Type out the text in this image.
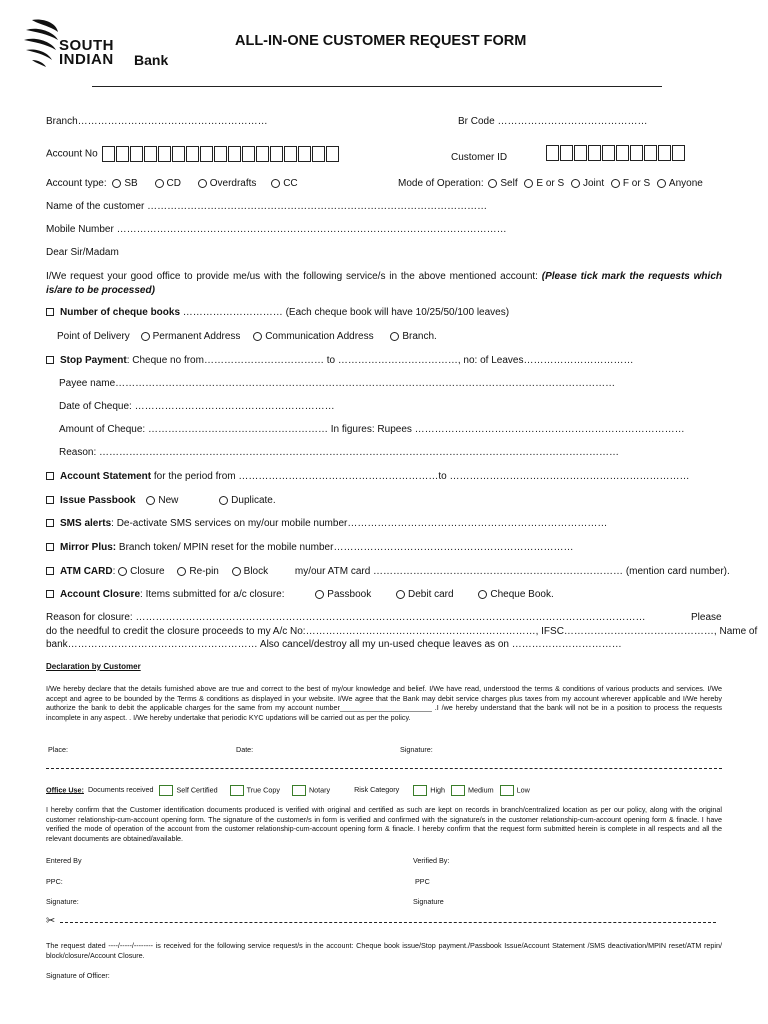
SOUTH
INDIAN Bank
ALL-IN-ONE CUSTOMER REQUEST FORM
Branch…………………………………………………	Br Code ………………………………………
Account No	Customer ID
Account type: SB	CD	Overdrafts	CC	Mode of Operation: Self E or S Joint F or S Anyone
Name of the customer …………………………………………………………………………………………
Mobile Number ………………………………………………………………………………………………………
Dear Sir/Madam
I/We request your good office to provide me/us with the following service/s in the above mentioned account: (Please tick mark the requests which is/are to be processed)
Number of cheque books ………………………… (Each cheque book will have 10/25/50/100 leaves)
Point of Delivery Permanent Address Communication Address	Branch.
Stop Payment: Cheque no from……………………………… to ………………………………, no: of Leaves……………………………
Payee name……………………………………………………………………………………………………………………………………
Date of Cheque: ……………………………………………………
Amount of Cheque: ……………………………………………… In figures: Rupees ………………………………………………………………………
Reason: …………………………………………………………………………………………………………………………………………
Account Statement for the period from ……………………………………………………to ………………………………………………………………
Issue Passbook New	Duplicate.
SMS alerts: De-activate SMS services on my/our mobile number……………………………………………………………………
Mirror Plus: Branch token/ MPIN reset for the mobile number………………………………………………………………
ATM CARD: Closure Re-pin Block	my/our ATM card ………………………………………………………………… (mention card number).
Account Closure: Items submitted for a/c closure:	Passbook	Debit card	Cheque Book.
Reason for closure: ………………………………………………………………………………………………………………………………………	Please
do the needful to credit the closure proceeds to my A/c No:……………………………………………………………, IFSC………………………………………, Name of
bank………………………………………………… Also cancel/destroy all my un-used cheque leaves as on ……………………………
Declaration by Customer
I/We hereby declare that the details furnished above are true and correct to the best of my/our knowledge and belief. I/We have read, understood the terms & conditions of various products and services. I/We accept and agree to be bounded by the Terms & conditions as displayed in your website. I/We agree that the Bank may debit service charges plus taxes from my account wherever applicable and I/We hereby authorize the bank to debit the applicable charges for the same from my account number_______________________ .I /we hereby understand that the bank will not be in a position to process the requests incomplete in any aspect. . I/We hereby undertake that periodic KYC updations will be carried out as per the policy.
Place:	Date:	Signature:
Office Use: Documents received	Self Certified	True Copy	Notary	Risk Category	High	Medium	Low
I hereby confirm that the Customer identification documents produced is verified with original and certified as such are kept on records in branch/centralized location as per our policy, along with the original customer relationship-cum-account opening form. The signature of the customer/s in form is verified and confirmed with the signature/s in the customer relationship-cum-account opening form & finacle. I have verified the mode of operation of the account from the customer relationship-cum-account opening form & finacle. I hereby confirm that the request form submitted herein is complete in all respects and all the relevant documents are obtained/available.
Entered By	Verified By:
PPC:	PPC
Signature:	Signature
✂
The request dated ----/-----/-------- is received for the following service request/s in the account: Cheque book issue/Stop payment./Passbook Issue/Account Statement /SMS deactivation/MPIN reset/ATM repin/ block/closure/Account Closure.
Signature of Officer:
